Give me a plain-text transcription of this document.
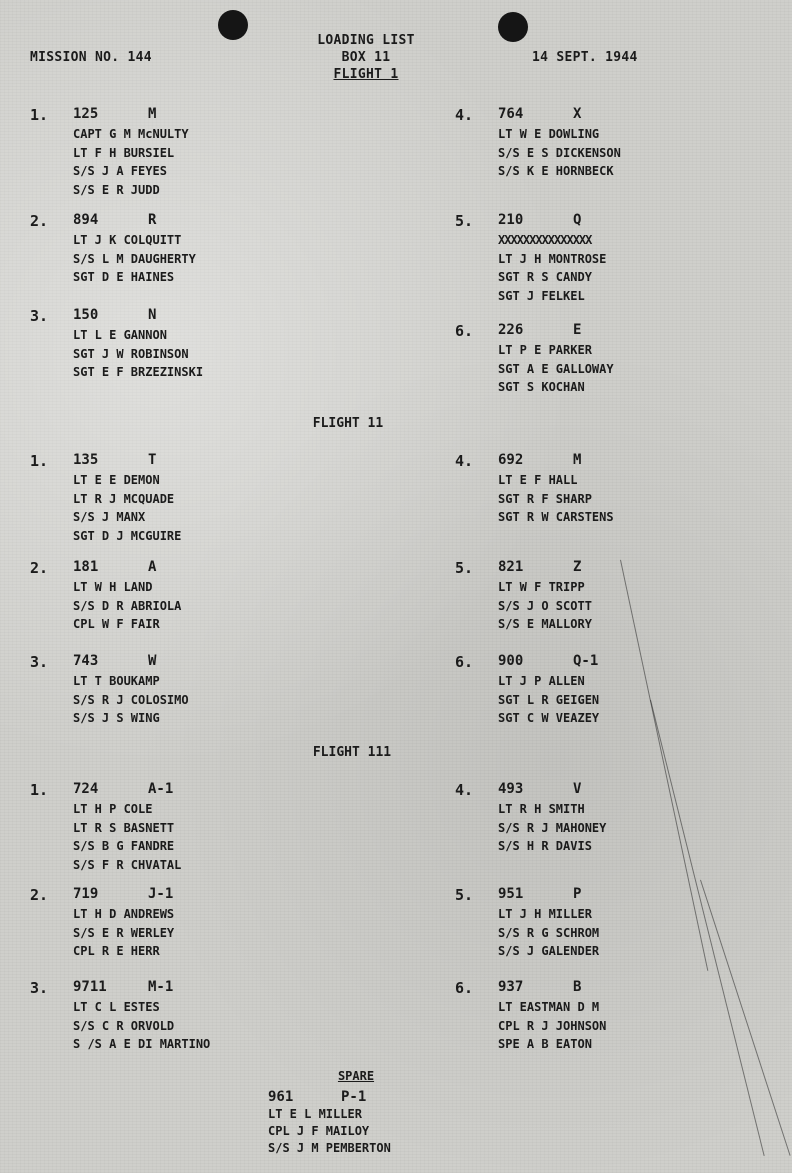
MISSION NO. 144
LOADING LIST
BOX 11
FLIGHT 1
14 SEPT. 1944
FLIGHT 11
FLIGHT 111
1. 125	M
CAPT G M McNULTY
LT F H BURSIEL
S/S J A FEYES
S/S E R JUDD
2. 894	R
LT J K COLQUITT
S/S L M DAUGHERTY
SGT D E HAINES
3. 150	N
LT L E GANNON
SGT J W ROBINSON
SGT E F BRZEZINSKI
4. 764	X
LT W E DOWLING
S/S E S DICKENSON
S/S K E HORNBECK
5. 210	Q
XXXXXXXXXXXXXXX
LT J H MONTROSE
SGT R S CANDY
SGT J FELKEL
6. 226	E
LT P E PARKER
SGT A E GALLOWAY
SGT S KOCHAN
1. 135	T
LT E E DEMON
LT R J MCQUADE
S/S J MANX
SGT D J MCGUIRE
2. 181	A
LT W H LAND
S/S D R ABRIOLA
CPL W F FAIR
3. 743	W
LT T BOUKAMP
S/S R J COLOSIMO
S/S J S WING
4. 692	M
LT E F HALL
SGT R F SHARP
SGT R W CARSTENS
5. 821	Z
LT W F TRIPP
S/S J O SCOTT
S/S E MALLORY
6. 900	Q-1
LT J P ALLEN
SGT L R GEIGEN
SGT C W VEAZEY
1. 724	A-1
LT H P COLE
LT R S BASNETT
S/S B G FANDRE
S/S F R CHVATAL
2. 719	J-1
LT H D ANDREWS
S/S E R WERLEY
CPL R E HERR
3. 9711	M-1
LT C L ESTES
S/S C R ORVOLD
S /S A E DI MARTINO
4. 493	V
LT R H SMITH
S/S R J MAHONEY
S/S H R DAVIS
5. 951	P
LT J H MILLER
S/S R G SCHROM
S/S J GALENDER
6. 937	B
LT EASTMAN D M
CPL R J JOHNSON
SPE A B EATON
SPARE
961	P-1
LT E L MILLER
CPL J F MAILOY
S/S J M PEMBERTON
